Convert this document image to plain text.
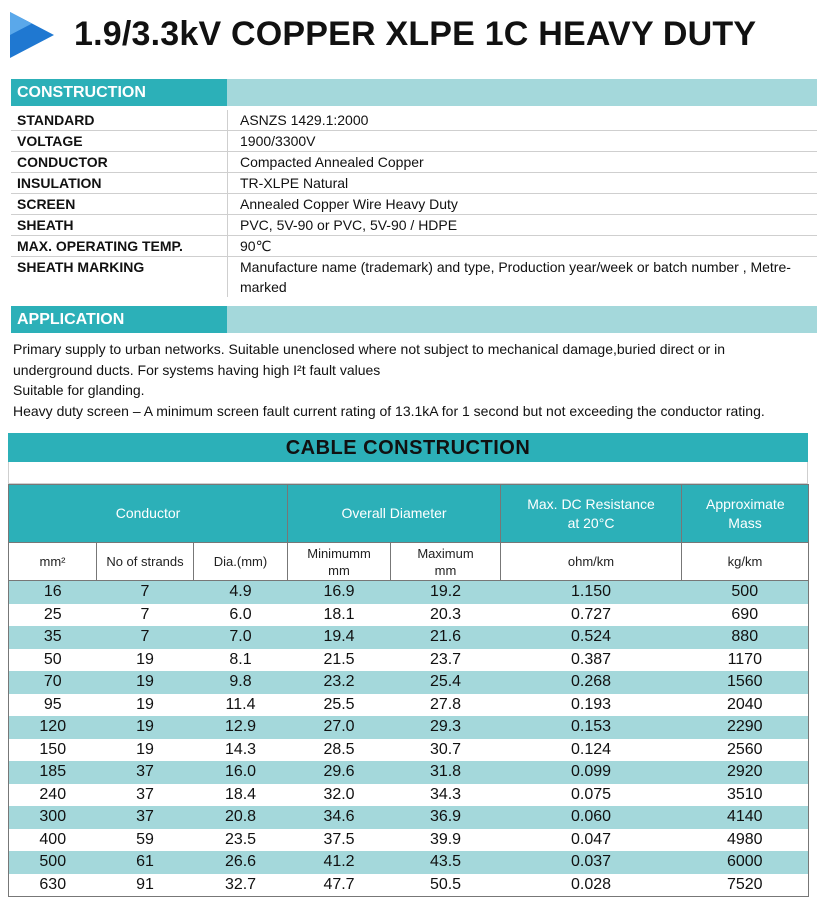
1.9/3.3kV COPPER XLPE 1C HEAVY DUTY
CONSTRUCTION
STANDARD	ASNZS 1429.1:2000
VOLTAGE	1900/3300V
CONDUCTOR	Compacted Annealed Copper
INSULATION	TR-XLPE Natural
SCREEN	Annealed Copper Wire Heavy Duty
SHEATH	PVC, 5V-90 or PVC, 5V-90 / HDPE
MAX. OPERATING TEMP.	90℃
SHEATH MARKING	Manufacture name (trademark) and type, Production year/week or batch number , Metre-marked
APPLICATION

Primary supply to urban networks. Suitable unenclosed where not subject to mechanical damage,buried direct or in underground ducts. For systems having high I²t fault values

Suitable for glanding.

Heavy duty screen – A minimum screen fault current rating of 13.1kA for 1 second but not exceeding the conductor rating.

CABLE CONSTRUCTION
Conductor			Overall Diameter		Max. DC Resistance at 20°C	Approximate Mass
mm²	No of strands	Dia.(mm)	Minimumm mm	Maximum mm	ohm/km	kg/km
16	7	4.9	16.9	19.2	1.150	500
25	7	6.0	18.1	20.3	0.727	690
35	7	7.0	19.4	21.6	0.524	880
50	19	8.1	21.5	23.7	0.387	1170
70	19	9.8	23.2	25.4	0.268	1560
95	19	11.4	25.5	27.8	0.193	2040
120	19	12.9	27.0	29.3	0.153	2290
150	19	14.3	28.5	30.7	0.124	2560
185	37	16.0	29.6	31.8	0.099	2920
240	37	18.4	32.0	34.3	0.075	3510
300	37	20.8	34.6	36.9	0.060	4140
400	59	23.5	37.5	39.9	0.047	4980
500	61	26.6	41.2	43.5	0.037	6000
630	91	32.7	47.7	50.5	0.028	7520
